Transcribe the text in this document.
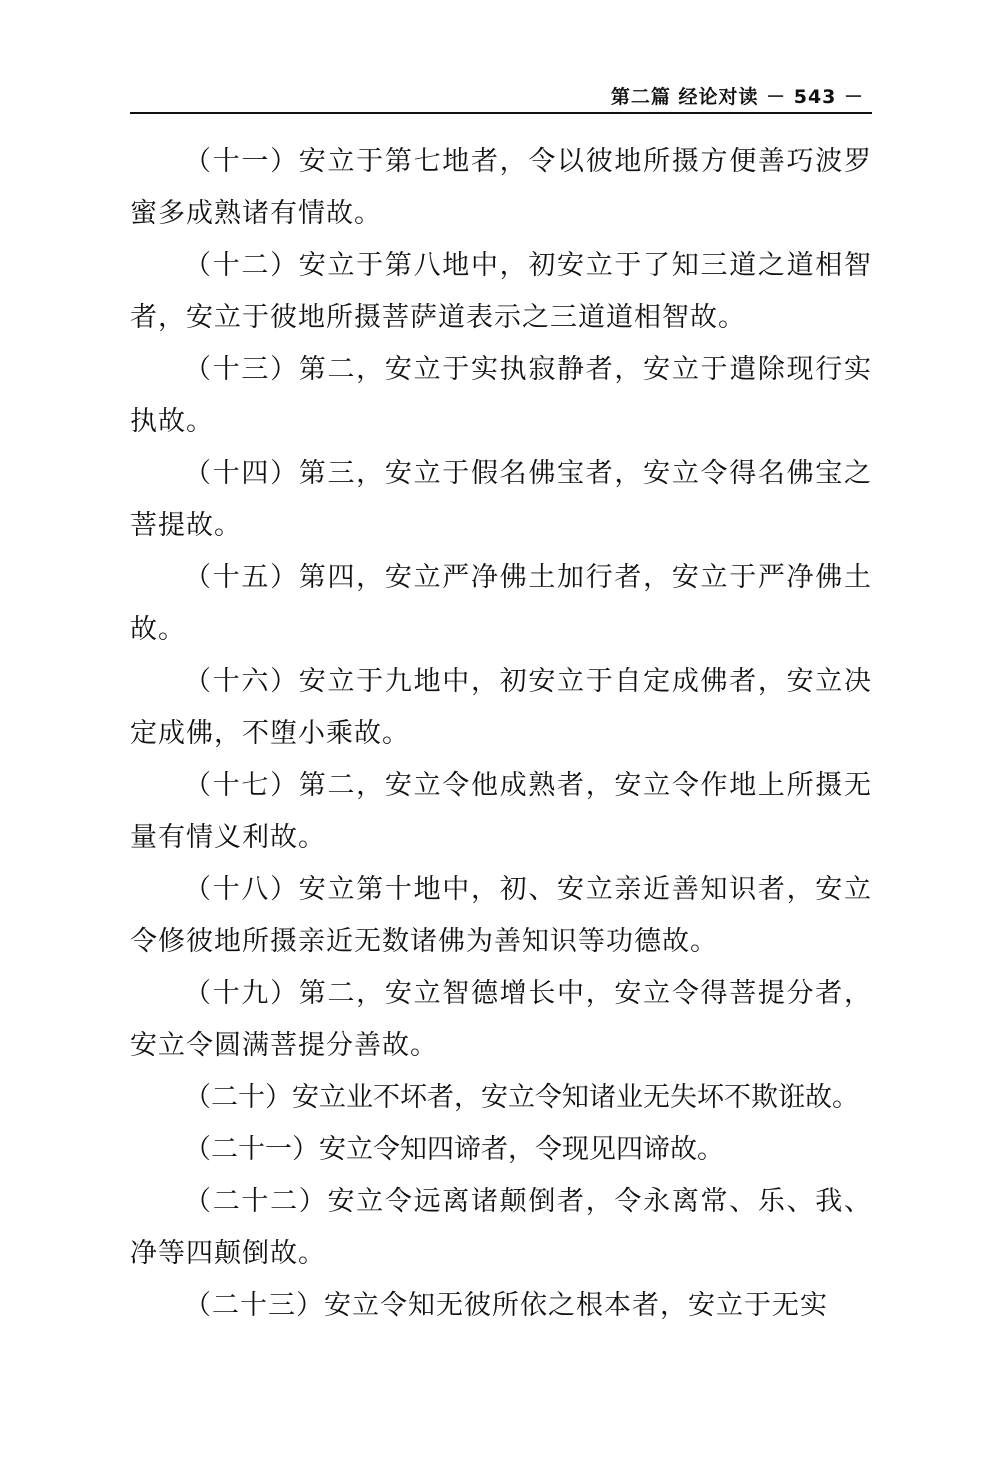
第二篇 经论对读 － 543 －

（十一）安立于第七地者，令以彼地所摄方便善巧波罗蜜多成熟诸有情故。

（十二）安立于第八地中，初安立于了知三道之道相智者，安立于彼地所摄菩萨道表示之三道道相智故。

（十三）第二，安立于实执寂静者，安立于遣除现行实执故。

（十四）第三，安立于假名佛宝者，安立令得名佛宝之菩提故。

（十五）第四，安立严净佛土加行者，安立于严净佛土故。

（十六）安立于九地中，初安立于自定成佛者，安立决定成佛，不堕小乘故。

（十七）第二，安立令他成熟者，安立令作地上所摄无量有情义利故。

（十八）安立第十地中，初、安立亲近善知识者，安立令修彼地所摄亲近无数诸佛为善知识等功德故。

（十九）第二，安立智德增长中，安立令得菩提分者，安立令圆满菩提分善故。

（二十）安立业不坏者，安立令知诸业无失坏不欺诳故。

（二十一）安立令知四谛者，令现见四谛故。

（二十二）安立令远离诸颠倒者，令永离常、乐、我、净等四颠倒故。

（二十三）安立令知无彼所依之根本者，安立于无实
